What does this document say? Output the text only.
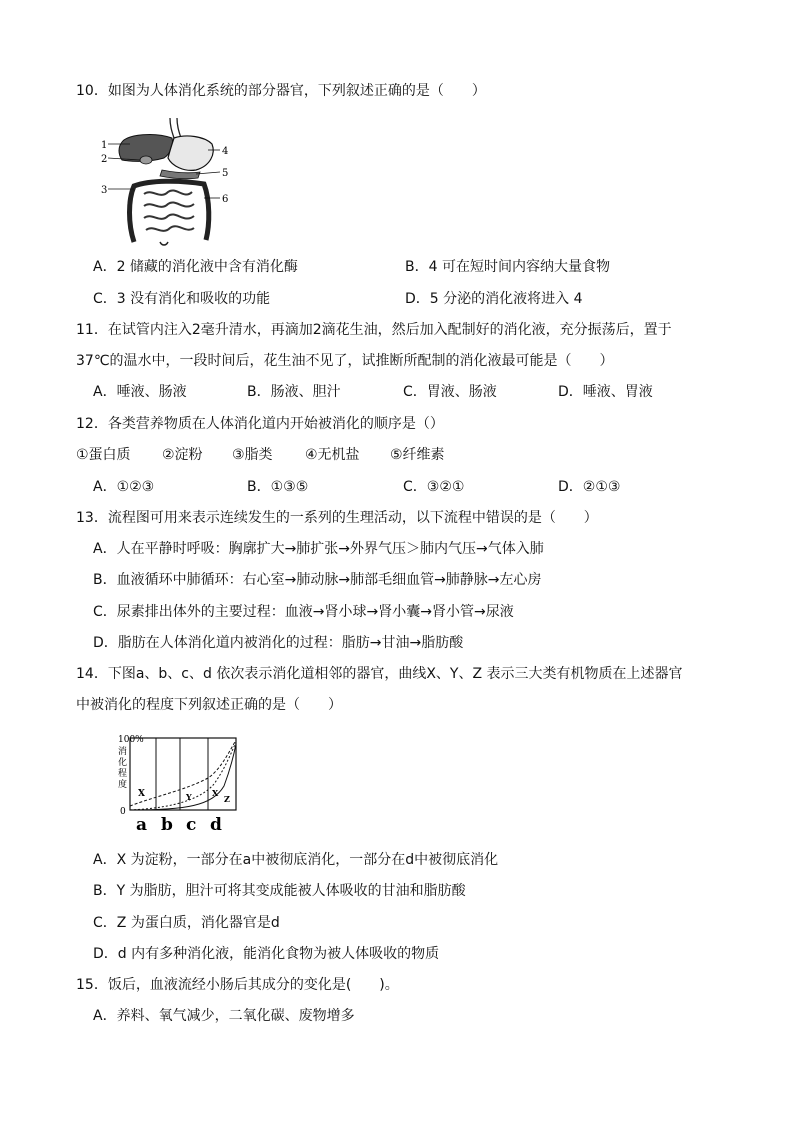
10．如图为人体消化系统的部分器官，下列叙述正确的是（　　）
1
2
3
4
5
6
A．2 储藏的消化液中含有消化酶	B．4 可在短时间内容纳大量食物
C．3 没有消化和吸收的功能	D．5 分泌的消化液将进入 4
11．在试管内注入2毫升清水，再滴加2滴花生油，然后加入配制好的消化液，充分振荡后，置于
37℃的温水中，一段时间后，花生油不见了，试推断所配制的消化液最可能是（　　）
A．唾液、肠液	B．肠液、胆汁	C．胃液、肠液	D．唾液、胃液
12．各类营养物质在人体消化道内开始被消化的顺序是（）
①蛋白质 ②淀粉 ③脂类 ④无机盐 ⑤纤维素
A．①②③	B．①③⑤	C．③②①	D．②①③
13．流程图可用来表示连续发生的一系列的生理活动，以下流程中错误的是（　　）
A．人在平静时呼吸：胸廓扩大→肺扩张→外界气压＞肺内气压→气体入肺
B．血液循环中肺循环：右心室→肺动脉→肺部毛细血管→肺静脉→左心房
C．尿素排出体外的主要过程：血液→肾小球→肾小囊→肾小管→尿液
D．脂肪在人体消化道内被消化的过程：脂肪→甘油→脂肪酸
14．下图a、b、c、d 依次表示消化道相邻的器官，曲线X、Y、Z 表示三大类有机物质在上述器官
中被消化的程度下列叙述正确的是（　　）
100%
消
化
程
度
0
X	Y	X
Z
a b c d
A．X 为淀粉，一部分在a中被彻底消化，一部分在d中被彻底消化
B．Y 为脂肪，胆汁可将其变成能被人体吸收的甘油和脂肪酸
C．Z 为蛋白质，消化器官是d
D．d 内有多种消化液，能消化食物为被人体吸收的物质
15．饭后，血液流经小肠后其成分的变化是(　　)。
A．养料、氧气减少，二氧化碳、废物增多
